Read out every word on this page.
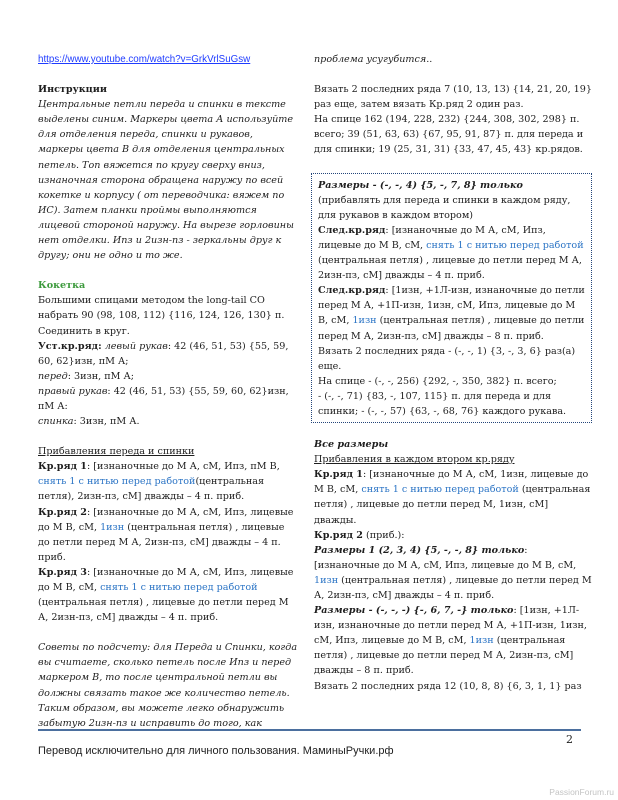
https://www.youtube.com/watch?v=GrkVrlSuGsw

Инструкции

Центральные петли переда и спинки в тексте выделены синим. Маркеры цвета А используйте для отделения переда, спинки и рукавов, маркеры цвета В для отделения центральных петель. Топ вяжется по кругу сверху вниз, изнаночная сторона обращена наружу по всей кокетке и корпусу ( от переводчика: вяжем по ИС). Затем планки проймы выполняются лицевой стороной наружу. На вырезе горловины нет отделки. Ипз и 2изн-пз - зеркальны друг к другу; они не одно и то же.

Кокетка

Большими спицами методом the long-tail CO набрать 90 (98, 108, 112) {116, 124, 126, 130} п. Соединить в круг.

Уст.кр.ряд: левый рукав: 42 (46, 51, 53) {55, 59, 60, 62}изн, пМ А;

перед: 3изн, пМ А;

правый рукав: 42 (46, 51, 53) {55, 59, 60, 62}изн, пМ А:

спинка: 3изн, пМ А.

Прибавления переда и спинки

Кр.ряд 1: [изнаночные до М А, сМ, Ипз, пМ В, снять 1 с нитью перед работой(центральная петля), 2изн-пз, сМ] дважды – 4 п. приб.

Кр.ряд 2: [изнаночные до М А, сМ, Ипз, лицевые до М В, сМ, 1изн (центральная петля) , лицевые до петли перед М А, 2изн-пз, сМ] дважды – 4 п. приб.

Кр.ряд 3: [изнаночные до М А, сМ, Ипз, лицевые до М В, сМ, снять 1 с нитью перед работой (центральная петля) , лицевые до петли перед М А, 2изн-пз, сМ] дважды – 4 п. приб.

Советы по подсчету: для Переда и Спинки, когда вы считаете, сколько петель после Ипз и перед маркером В, то после центральной петли вы должны связать такое же количество петель. Таким образом, вы можете легко обнаружить забытую 2изн-пз и исправить до того, как

проблема усугубится..

Вязать 2 последних ряда 7 (10, 13, 13) {14, 21, 20, 19} раз еще, затем вязать Кр.ряд 2 один раз.

На спице 162 (194, 228, 232) {244, 308, 302, 298} п. всего; 39 (51, 63, 63) {67, 95, 91, 87} п. для переда и для спинки; 19 (25, 31, 31) {33, 47, 45, 43} кр.рядов.

Размеры - (-, -, 4) {5, -, 7, 8} только

(прибавлять для переда и спинки в каждом ряду, для рукавов в каждом втором)

След.кр.ряд: [изнаночные до М А, сМ, Ипз, лицевые до М В, сМ, снять 1 с нитью перед работой (центральная петля) , лицевые до петли перед М А, 2изн-пз, сМ] дважды – 4 п. приб.

След.кр.ряд: [1изн, +1Л-изн, изнаночные до петли перед М А, +1П-изн, 1изн, сМ, Ипз, лицевые до М В, сМ, 1изн (центральная петля) , лицевые до петли перед М А, 2изн-пз, сМ] дважды – 8 п. приб.

Вязать 2 последних ряда - (-, -, 1) {3, -, 3, 6} раз(а) еще.

На спице - (-, -, 256) {292, -, 350, 382} п. всего;

- (-, -, 71) {83, -, 107, 115} п. для переда и для спинки; - (-, -, 57) {63, -, 68, 76} каждого рукава.

Все размеры

Прибавления в каждом втором кр.ряду

Кр.ряд 1: [изнаночные до М А, сМ, 1изн, лицевые до М В, сМ, снять 1 с нитью перед работой (центральная петля) , лицевые до петли перед М, 1изн, сМ] дважды.

Кр.ряд 2 (приб.):

Размеры 1 (2, 3, 4) {5, -, -, 8} только:

[изнаночные до М А, сМ, Ипз, лицевые до М В, сМ, 1изн (центральная петля) , лицевые до петли перед М А, 2изн-пз, сМ] дважды – 4 п. приб.

Размеры - (-, -, -) {-, 6, 7, -} только: [1изн, +1Л-изн, изнаночные до петли перед М А, +1П-изн, 1изн, сМ, Ипз, лицевые до М В, сМ, 1изн (центральная петля) , лицевые до петли перед М А, 2изн-пз, сМ] дважды – 8 п. приб.

Вязать 2 последних ряда 12 (10, 8, 8) {6, 3, 1, 1} раз

2
Перевод исключительно для личного пользования. МаминыРучки.рф
PassionForum.ru
